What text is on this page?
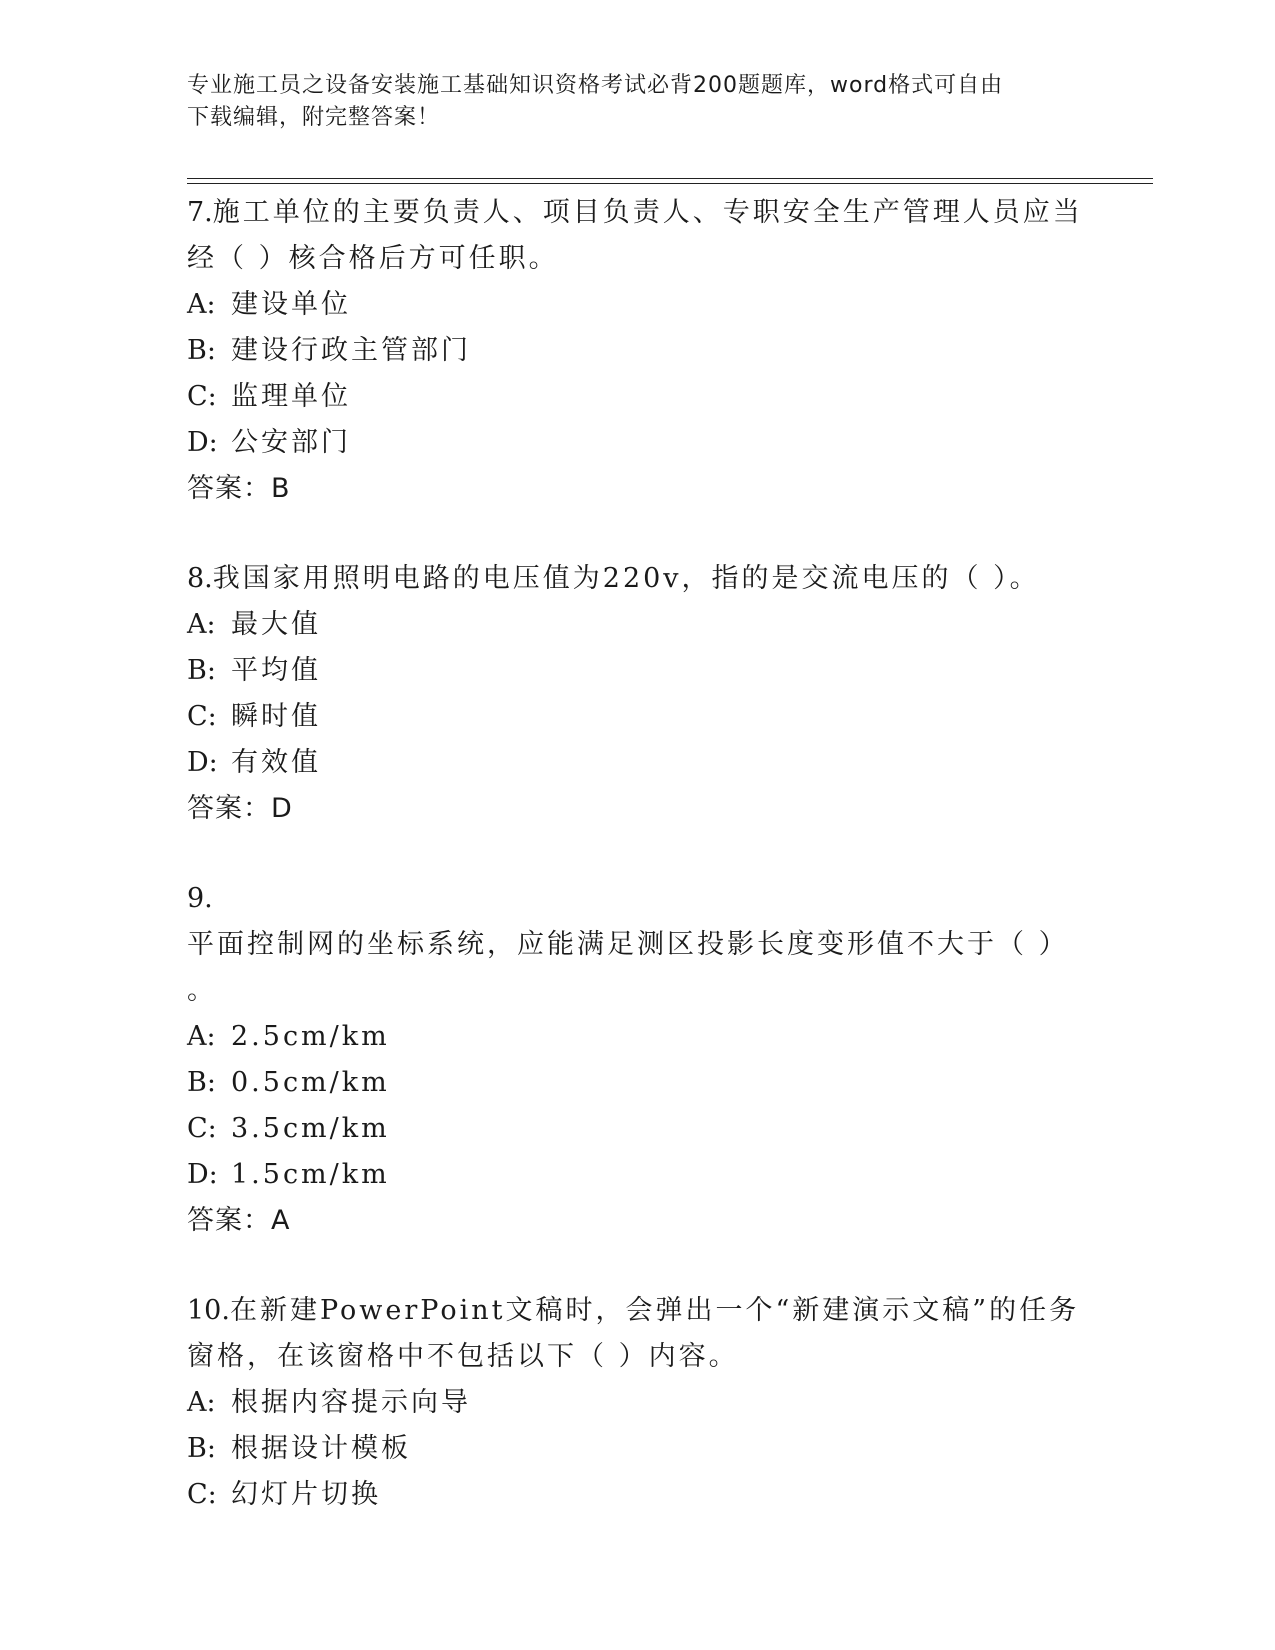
专业施工员之设备安装施工基础知识资格考试必背200题题库，word格式可自由
下载编辑，附完整答案！

7.施工单位的主要负责人、项目负责人、专职安全生产管理人员应当

经（ ）核合格后方可任职。

A: 建设单位
B: 建设行政主管部门
C: 监理单位
D: 公安部门
答案：B

8.我国家用照明电路的电压值为220v，指的是交流电压的（ ）。

A: 最大值
B: 平均值
C: 瞬时值
D: 有效值
答案：D

9.平面控制网的坐标系统，应能满足测区投影长度变形值不大于（ ）

。

A: 2.5cm/km
B: 0.5cm/km
C: 3.5cm/km
D: 1.5cm/km
答案：A

10.在新建PowerPoint文稿时，会弹出一个“新建演示文稿”的任务

窗格，在该窗格中不包括以下（ ）内容。

A: 根据内容提示向导
B: 根据设计模板
C: 幻灯片切换
